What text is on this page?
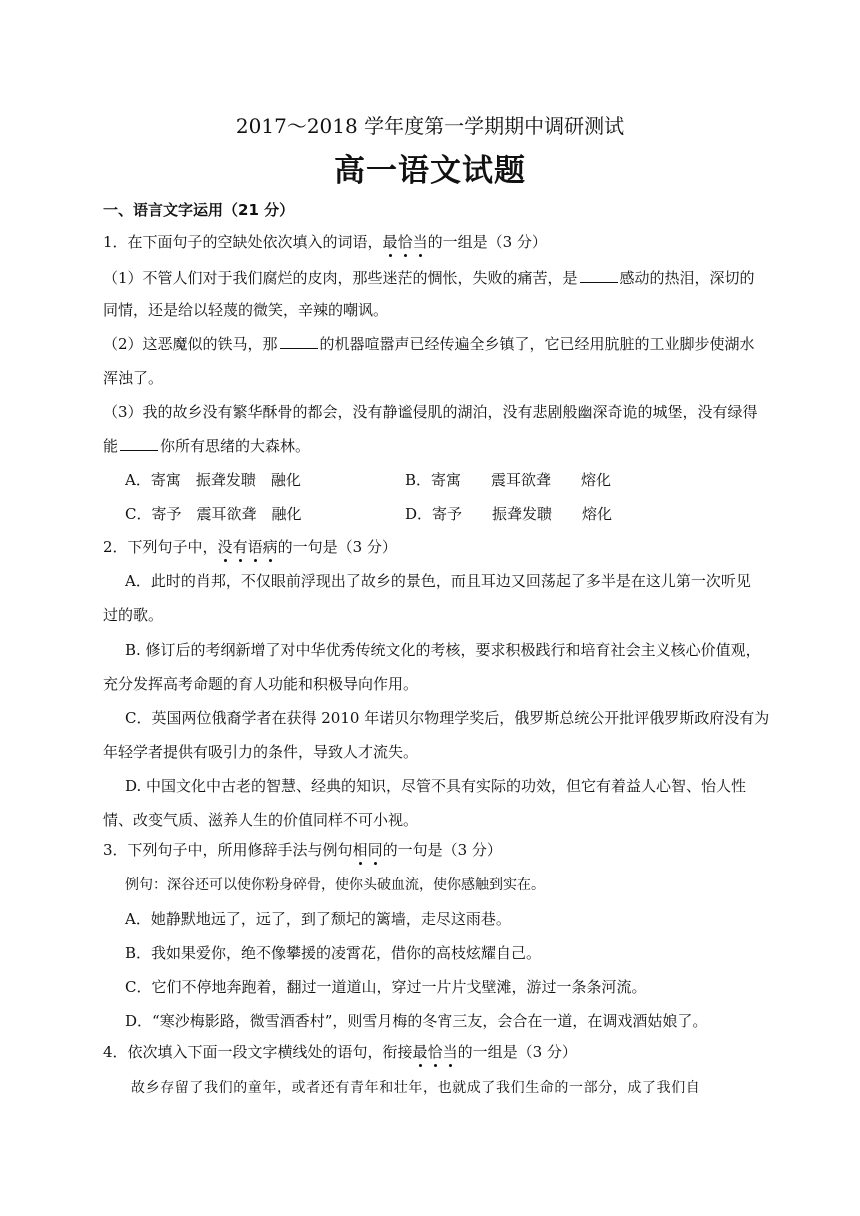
2017～2018 学年度第一学期期中调研测试
高一语文试题
一、语言文字运用（21 分）
1．在下面句子的空缺处依次填入的词语，最恰当的一组是（3 分）
（1）不管人们对于我们腐烂的皮肉，那些迷茫的惆怅，失败的痛苦，是	感动的热泪，深切的
同情，还是给以轻蔑的微笑，辛辣的嘲讽。
（2）这恶魔似的铁马，那	的机器喧嚣声已经传遍全乡镇了，它已经用肮脏的工业脚步使湖水
浑浊了。
（3）我的故乡没有繁华酥骨的都会，没有静谧侵肌的湖泊，没有悲剧般幽深奇诡的城堡，没有绿得
能	你所有思绪的大森林。
A．寄寓　振聋发聩　融化	B．寄寓　　震耳欲聋　　熔化
C．寄予　震耳欲聋　融化	D．寄予　　振聋发聩　　熔化
2．下列句子中，没有语病的一句是（3 分）
A．此时的肖邦，不仅眼前浮现出了故乡的景色，而且耳边又回荡起了多半是在这儿第一次听见
过的歌。
B. 修订后的考纲新增了对中华优秀传统文化的考核，要求积极践行和培育社会主义核心价值观，
充分发挥高考命题的育人功能和积极导向作用。
C．英国两位俄裔学者在获得 2010 年诺贝尔物理学奖后，俄罗斯总统公开批评俄罗斯政府没有为
年轻学者提供有吸引力的条件，导致人才流失。
D. 中国文化中古老的智慧、经典的知识，尽管不具有实际的功效，但它有着益人心智、怡人性
情、改变气质、滋养人生的价值同样不可小视。
3．下列句子中，所用修辞手法与例句相同的一句是（3 分）
例句：深谷还可以使你粉身碎骨，使你头破血流，使你感触到实在。
A．她静默地远了，远了，到了颓圮的篱墙，走尽这雨巷。
B．我如果爱你，绝不像攀援的凌霄花，借你的高枝炫耀自己。
C．它们不停地奔跑着，翻过一道道山，穿过一片片戈壁滩，游过一条条河流。
D．“寒沙梅影路，微雪酒香村”，则雪月梅的冬宵三友，会合在一道，在调戏酒姑娘了。
4．依次填入下面一段文字横线处的语句，衔接最恰当的一组是（3 分）
故乡存留了我们的童年，或者还有青年和壮年，也就成了我们生命的一部分，成了我们自
